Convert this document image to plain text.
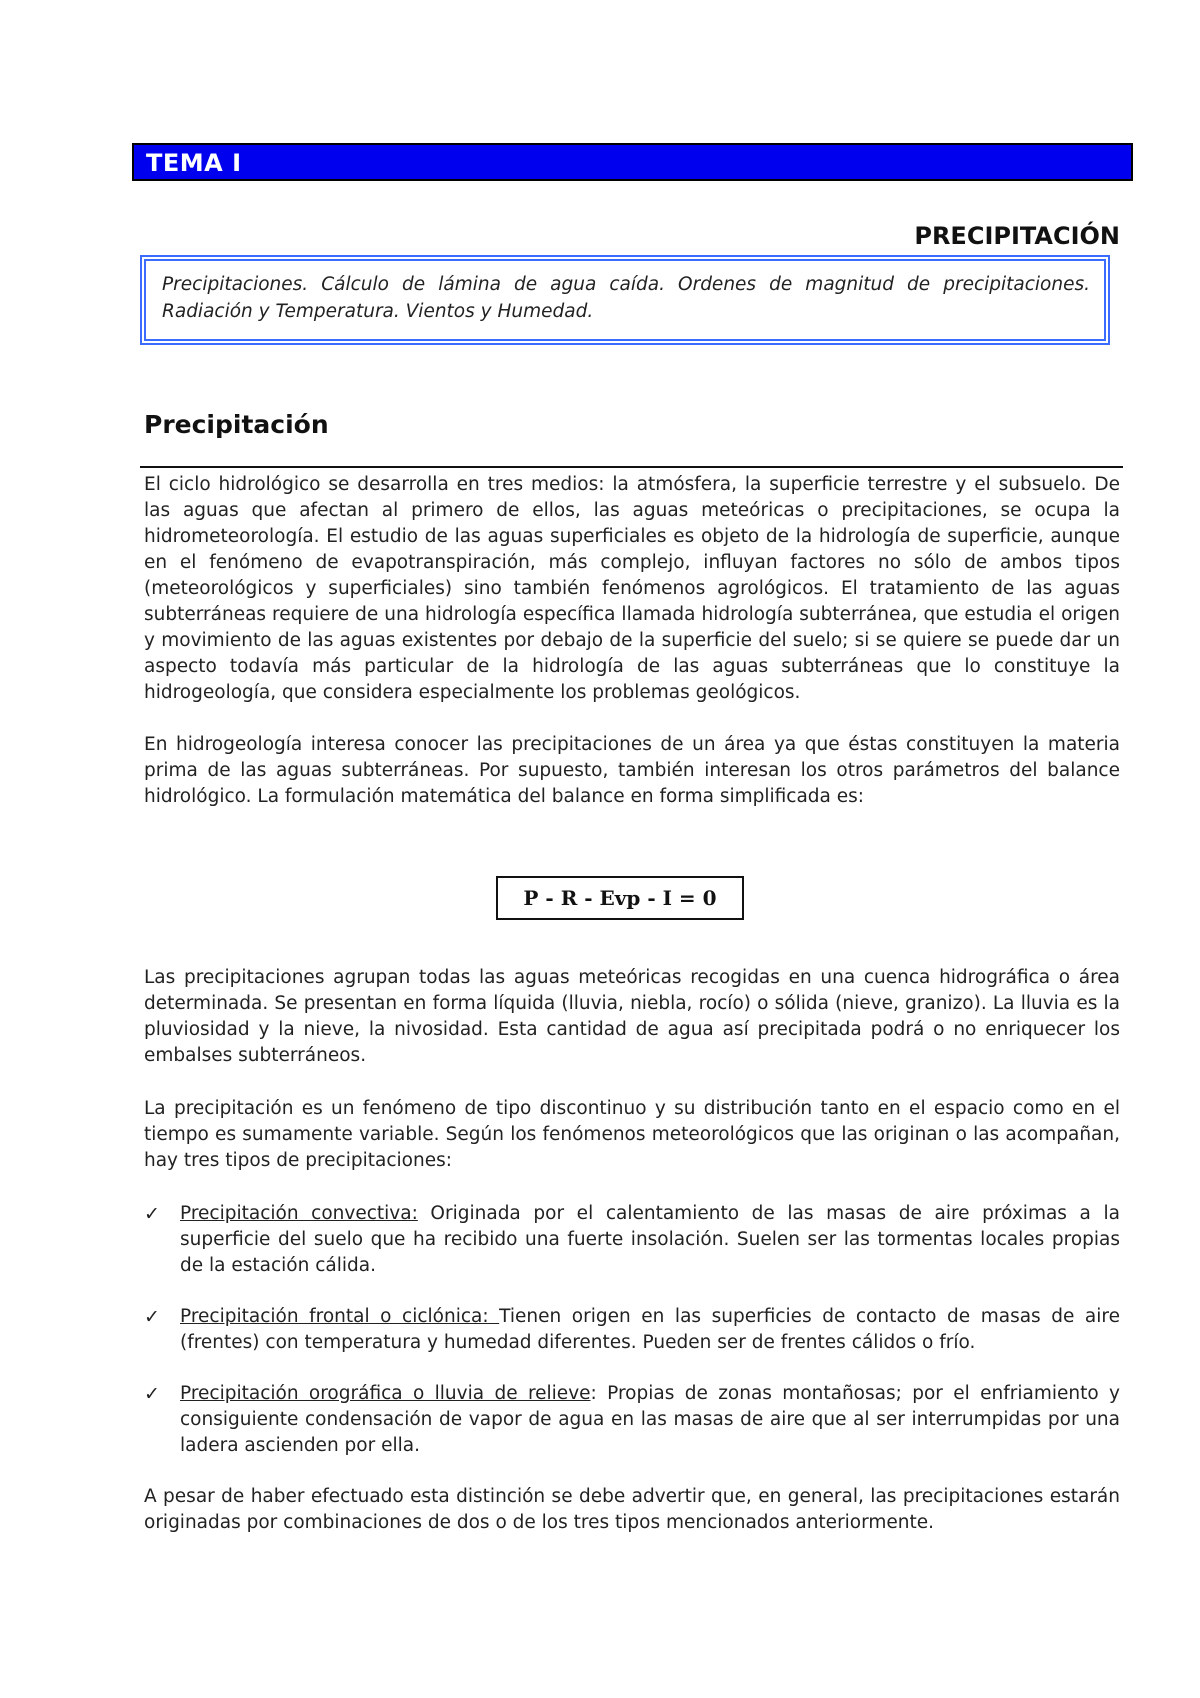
TEMA I
PRECIPITACIÓN
Precipitaciones. Cálculo de lámina de agua caída. Ordenes de magnitud de precipitaciones. Radiación y Temperatura. Vientos y Humedad.
Precipitación
El ciclo hidrológico se desarrolla en tres medios: la atmósfera, la superficie terrestre y el subsuelo. De las aguas que afectan al primero de ellos, las aguas meteóricas o precipitaciones, se ocupa la hidrometeorología. El estudio de las aguas superficiales es objeto de la hidrología de superficie, aunque en el fenómeno de evapotranspiración, más complejo, influyan factores no sólo de ambos tipos (meteorológicos y superficiales) sino también fenómenos agrológicos. El tratamiento de las aguas subterráneas requiere de una hidrología específica llamada hidrología subterránea, que estudia el origen y movimiento de las aguas existentes por debajo de la superficie del suelo; si se quiere se puede dar un aspecto todavía más particular de la hidrología de las aguas subterráneas que lo constituye la hidrogeología, que considera especialmente los problemas geológicos.
En hidrogeología interesa conocer las precipitaciones de un área ya que éstas constituyen la materia prima de las aguas subterráneas. Por supuesto, también interesan los otros parámetros del balance hidrológico. La formulación matemática del balance en forma simplificada es:
P - R - Evp - I = 0
Las precipitaciones agrupan todas las aguas meteóricas recogidas en una cuenca hidrográfica o área determinada. Se presentan en forma líquida (lluvia, niebla, rocío) o sólida (nieve, granizo). La lluvia es la pluviosidad y la nieve, la nivosidad. Esta cantidad de agua así precipitada podrá o no enriquecer los embalses subterráneos.
La precipitación es un fenómeno de tipo discontinuo y su distribución tanto en el espacio como en el tiempo es sumamente variable. Según los fenómenos meteorológicos que las originan o las acompañan, hay tres tipos de precipitaciones:
✓ Precipitación convectiva: Originada por el calentamiento de las masas de aire próximas a la superficie del suelo que ha recibido una fuerte insolación. Suelen ser las tormentas locales propias de la estación cálida.
✓ Precipitación frontal o ciclónica: Tienen origen en las superficies de contacto de masas de aire (frentes) con temperatura y humedad diferentes. Pueden ser de frentes cálidos o frío.
✓ Precipitación orográfica o lluvia de relieve: Propias de zonas montañosas; por el enfriamiento y consiguiente condensación de vapor de agua en las masas de aire que al ser interrumpidas por una ladera ascienden por ella.
A pesar de haber efectuado esta distinción se debe advertir que, en general, las precipitaciones estarán originadas por combinaciones de dos o de los tres tipos mencionados anteriormente.
